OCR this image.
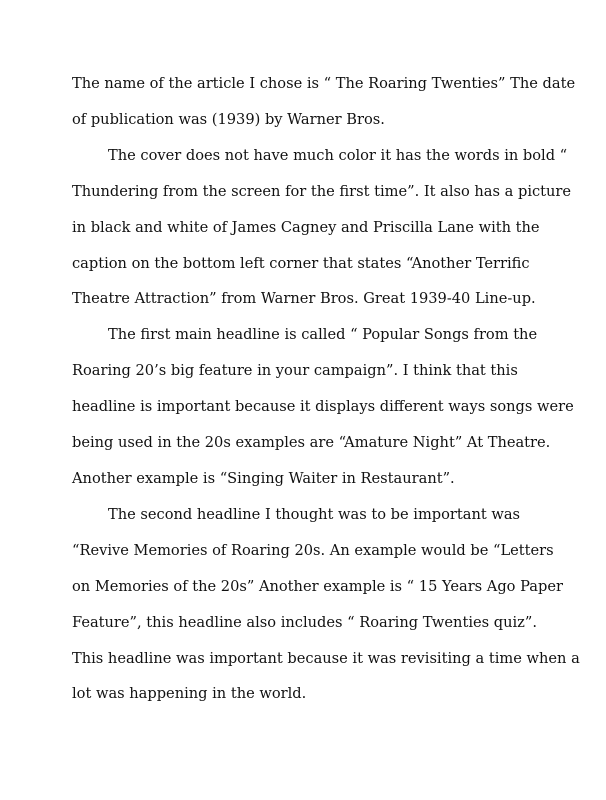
The name of the article I chose is “ The Roaring Twenties” The date
of publication was (1939) by Warner Bros.
The cover does not have much color it has the words in bold “
Thundering from the screen for the first time”. It also has a picture
in black and white of James Cagney and Priscilla Lane with the
caption on the bottom left corner that states “Another Terrific
Theatre Attraction” from Warner Bros. Great 1939-40 Line-up.
The first main headline is called “ Popular Songs from the
Roaring 20’s big feature in your campaign”. I think that this
headline is important because it displays different ways songs were
being used in the 20s examples are “Amature Night” At Theatre.
Another example is “Singing Waiter in Restaurant”.
The second headline I thought was to be important was
“Revive Memories of Roaring 20s. An example would be “Letters
on Memories of the 20s” Another example is “ 15 Years Ago Paper
Feature”, this headline also includes “ Roaring Twenties quiz”.
This headline was important because it was revisiting a time when a
lot was happening in the world.
